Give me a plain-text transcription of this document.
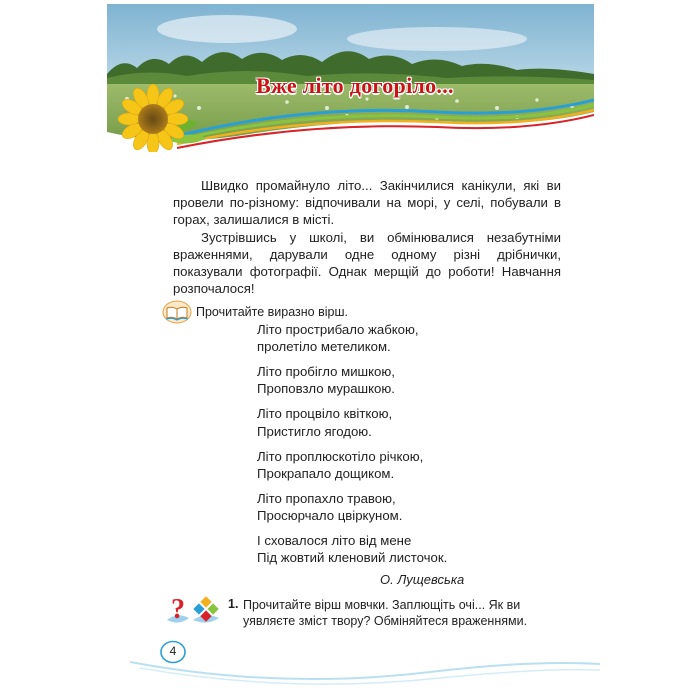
Вже літо догоріло...

Швидко промайнуло літо... Закінчилися канікули, які ви провели по-різному: відпочивали на морі, у селі, побували в горах, залишалися в місті.

Зустрівшись у школі, ви обмінювалися незабутніми враженнями, дарували одне одному різні дрібнички, показували фотографії. Однак мерщій до роботи! Навчання розпочалося!

Прочитайте виразно вірш.
Літо прострибало жабкою,
пролетіло метеликом.
Літо пробігло мишкою,
Проповзло мурашкою.
Літо процвіло квіткою,
Пристигло ягодою.
Літо проплюскотіло річкою,
Прокрапало дощиком.
Літо пропахло травою,
Просюрчало цвіркуном.
І сховалося літо від мене
Під жовтий кленовий листочок.
О. Лущевська
?	1. Прочитайте вірш мовчки. Заплющіть очі... Як ви уявляєте зміст твору? Обміняйтеся враженнями.
4
